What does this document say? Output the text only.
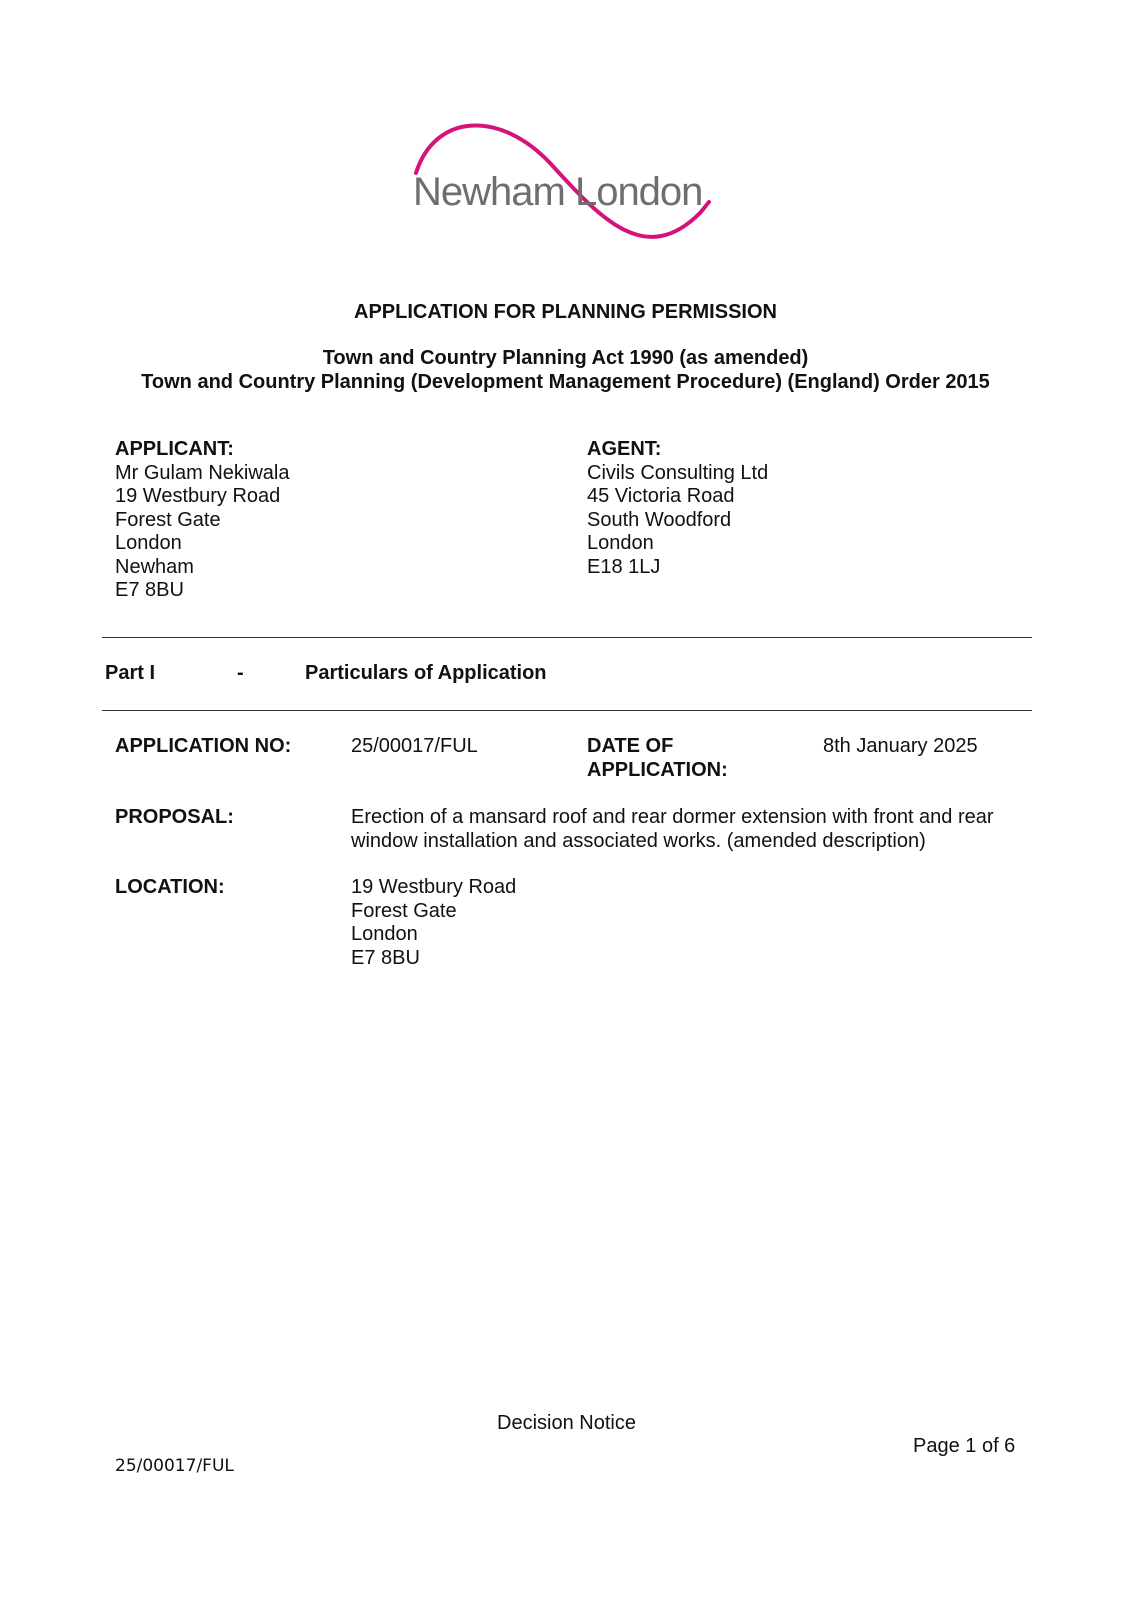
Newham London
APPLICATION FOR PLANNING PERMISSION
Town and Country Planning Act 1990 (as amended)
Town and Country Planning (Development Management Procedure) (England) Order 2015
APPLICANT:
Mr Gulam Nekiwala
19 Westbury Road
Forest Gate
London
Newham
E7 8BU
AGENT:
Civils Consulting Ltd
45 Victoria Road
South Woodford
London
E18 1LJ
Part I	-	Particulars of Application
APPLICATION NO:	25/00017/FUL	DATE OF
APPLICATION:
8th January 2025
PROPOSAL:	Erection of a mansard roof and rear dormer extension with front and rear
window installation and associated works. (amended description)
LOCATION:	19 Westbury Road
Forest Gate
London
E7 8BU
Decision Notice
Page 1 of 6
25/00017/FUL
